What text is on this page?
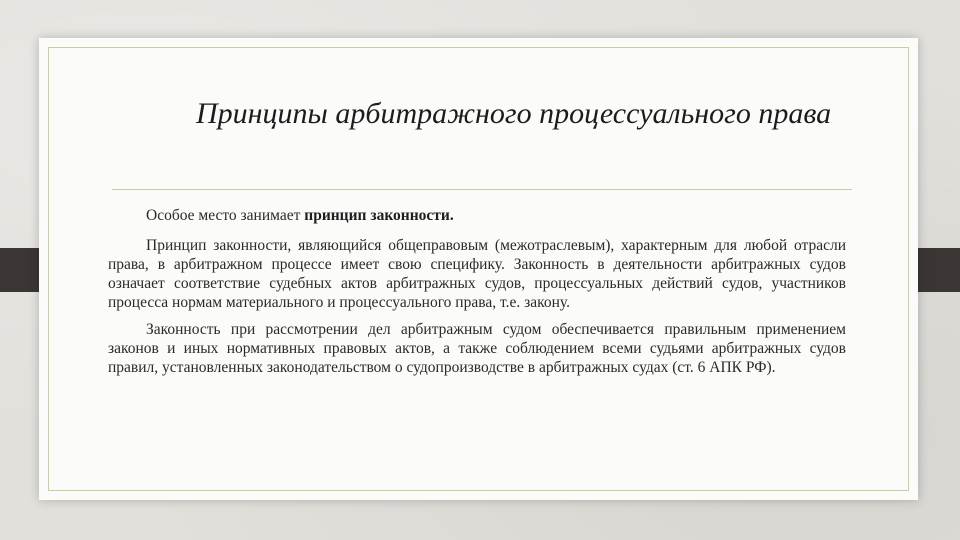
Принципы арбитражного процессуального права

Особое место занимает принцип законности.

Принцип законности, являющийся общеправовым (межотраслевым), характерным для любой отрасли права, в арбитражном процессе имеет свою специфику. Законность в деятельности арбитражных судов означает соответствие судебных актов арбитражных судов, процессуальных действий судов, участников процесса нормам материального и процессуального права, т.е. закону.

Законность при рассмотрении дел арбитражным судом обеспечивается правильным применением законов и иных нормативных правовых актов, а также соблюдением всеми судьями арбитражных судов правил, установленных законодательством о судопроизводстве в арбитражных судах (ст. 6 АПК РФ).
